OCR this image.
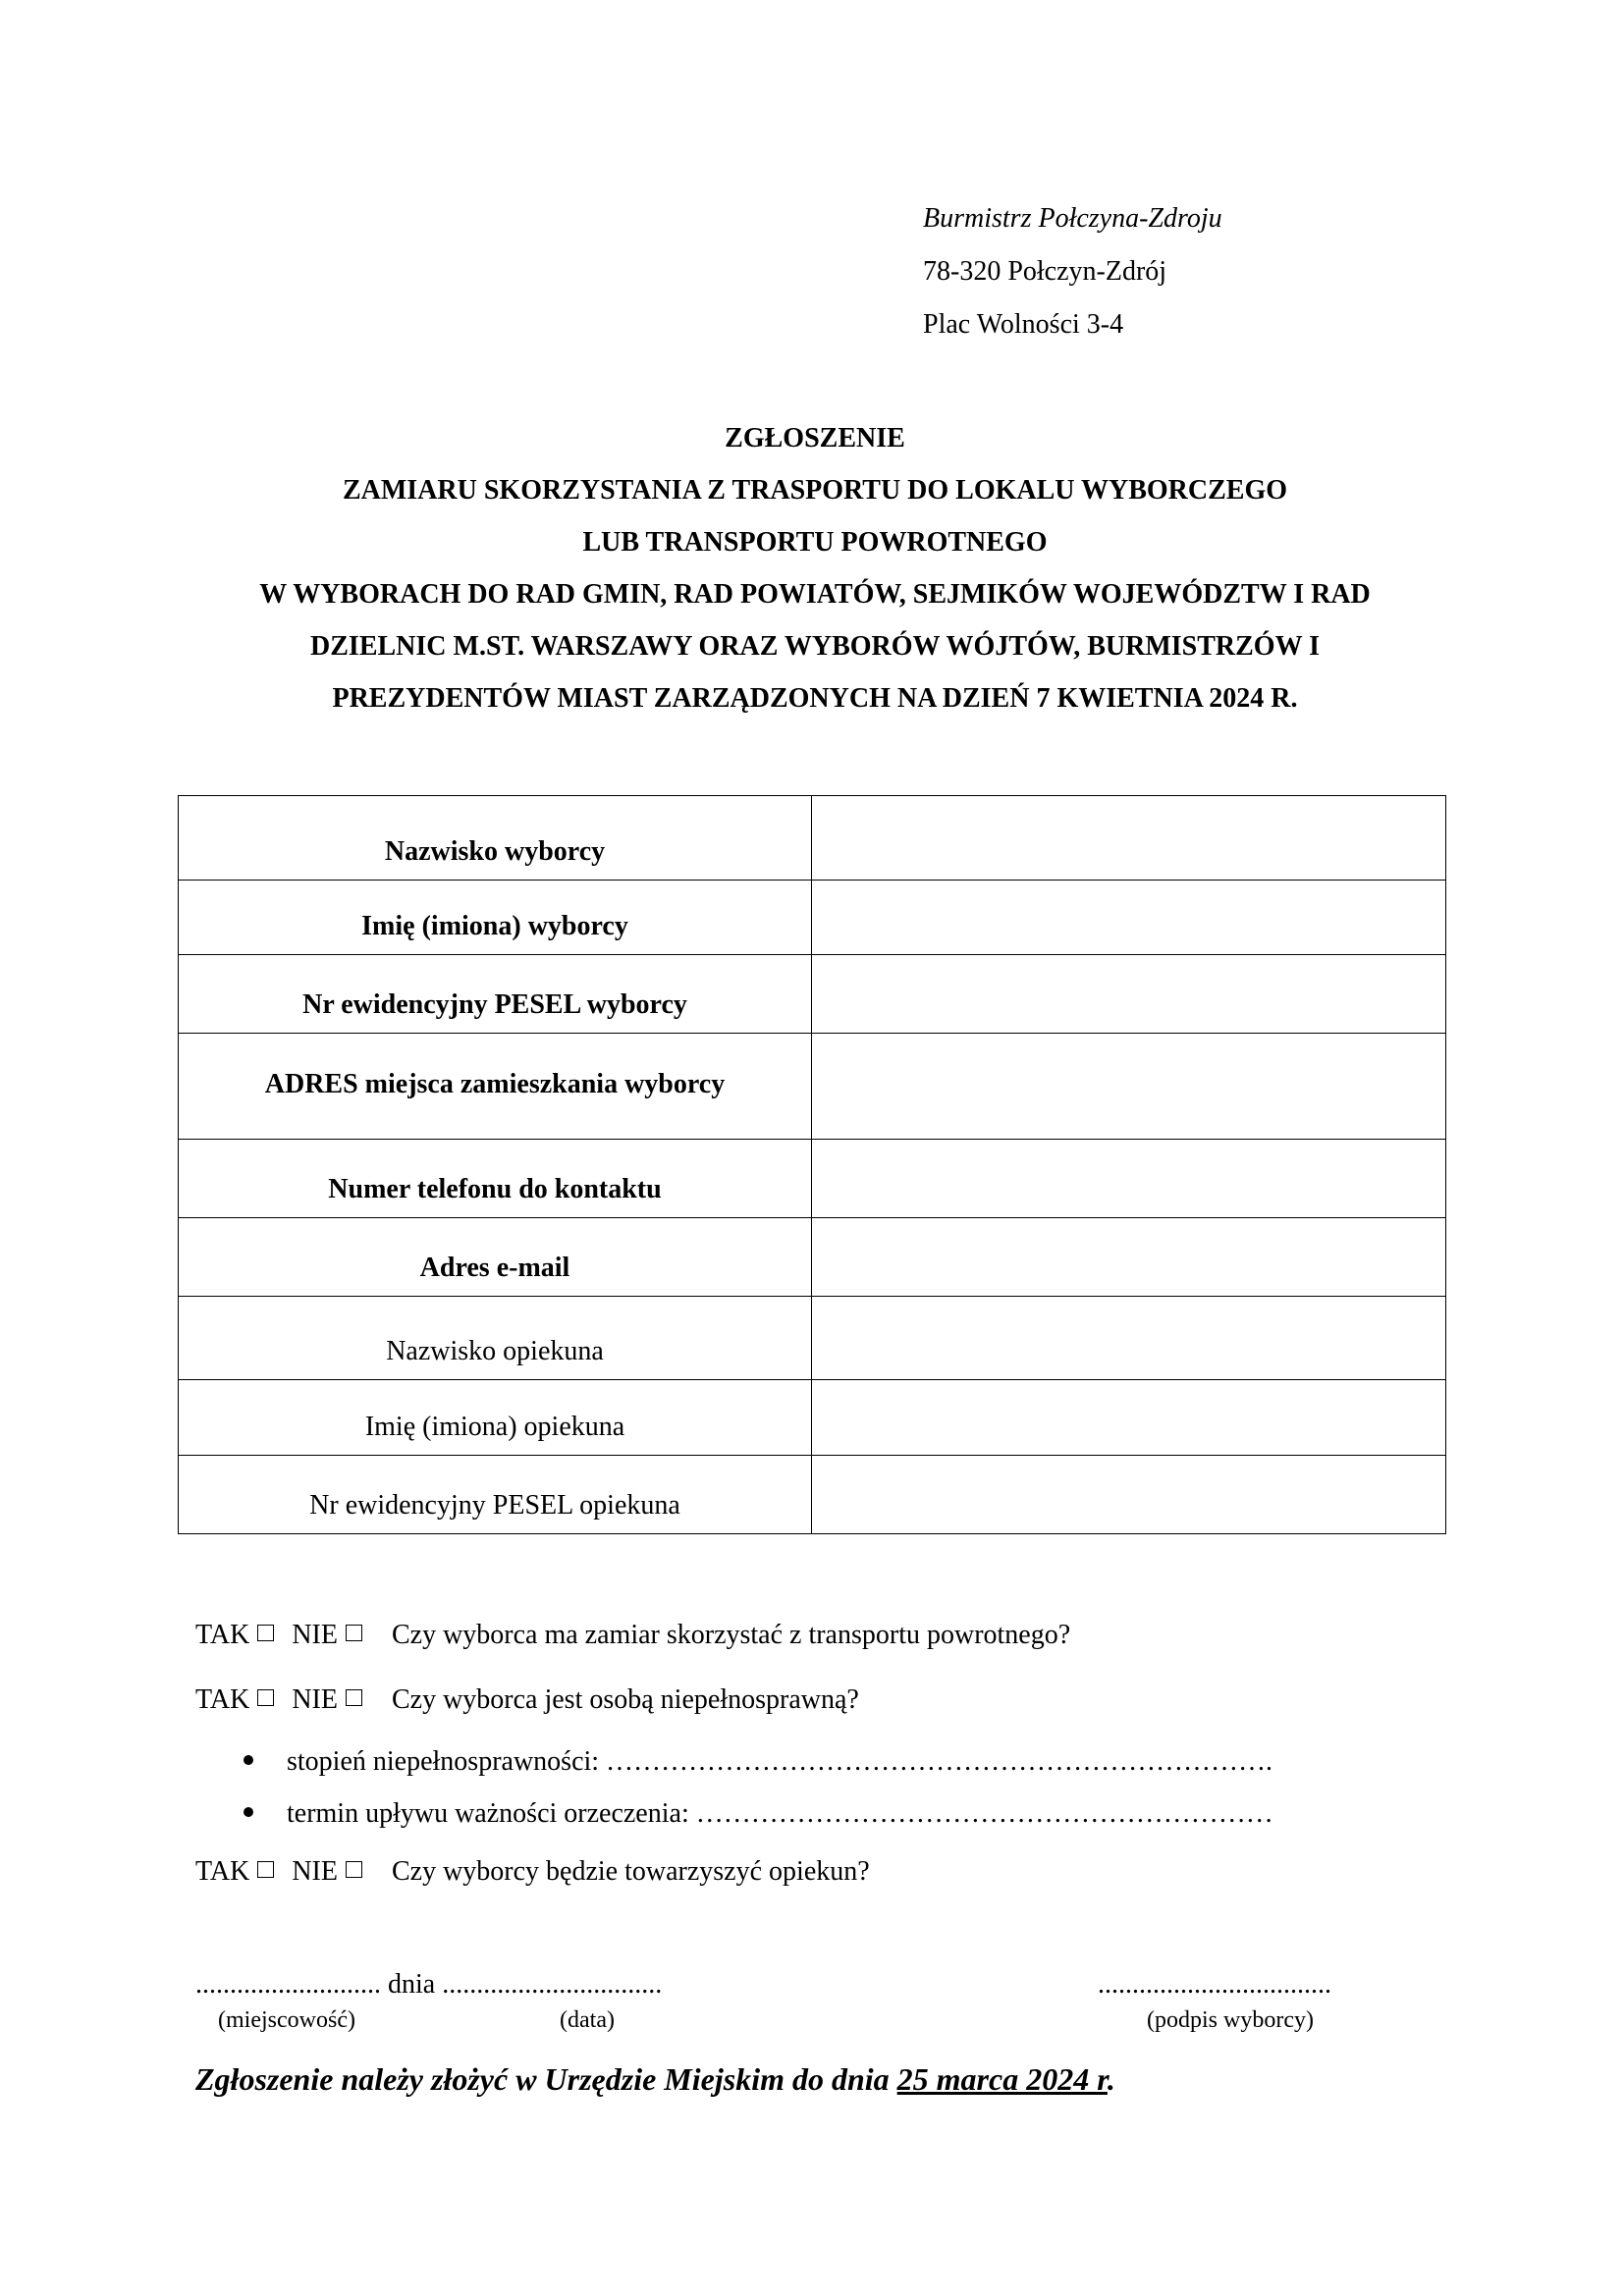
Burmistrz Połczyna-Zdroju
78-320 Połczyn-Zdrój
Plac Wolności 3-4
ZGŁOSZENIE
ZAMIARU SKORZYSTANIA Z TRASPORTU DO LOKALU WYBORCZEGO
LUB TRANSPORTU POWROTNEGO
W WYBORACH DO RAD GMIN, RAD POWIATÓW, SEJMIKÓW WOJEWÓDZTW I RAD
DZIELNIC M.ST. WARSZAWY ORAZ WYBORÓW WÓJTÓW, BURMISTRZÓW I
PREZYDENTÓW MIAST ZARZĄDZONYCH NA DZIEŃ 7 KWIETNIA 2024 R.
Nazwisko wyborcy	
Imię (imiona) wyborcy	
Nr ewidencyjny PESEL wyborcy	
ADRES miejsca zamieszkania wyborcy	
Numer telefonu do kontaktu	
Adres e-mail	
Nazwisko opiekuna	
Imię (imiona) opiekuna	
Nr ewidencyjny PESEL opiekuna	
TAK NIE Czy wyborca ma zamiar skorzystać z transportu powrotnego?
TAK NIE Czy wyborca jest osobą niepełnosprawną?
stopień niepełnosprawności: ……………………………………………………………….
termin upływu ważności orzeczenia: ………………………………………………………
TAK NIE Czy wyborcy będzie towarzyszyć opiekun?
........................... dnia ................................	..................................
(miejscowość)	(data)	(podpis wyborcy)
Zgłoszenie należy złożyć w Urzędzie Miejskim do dnia 25 marca 2024 r.
